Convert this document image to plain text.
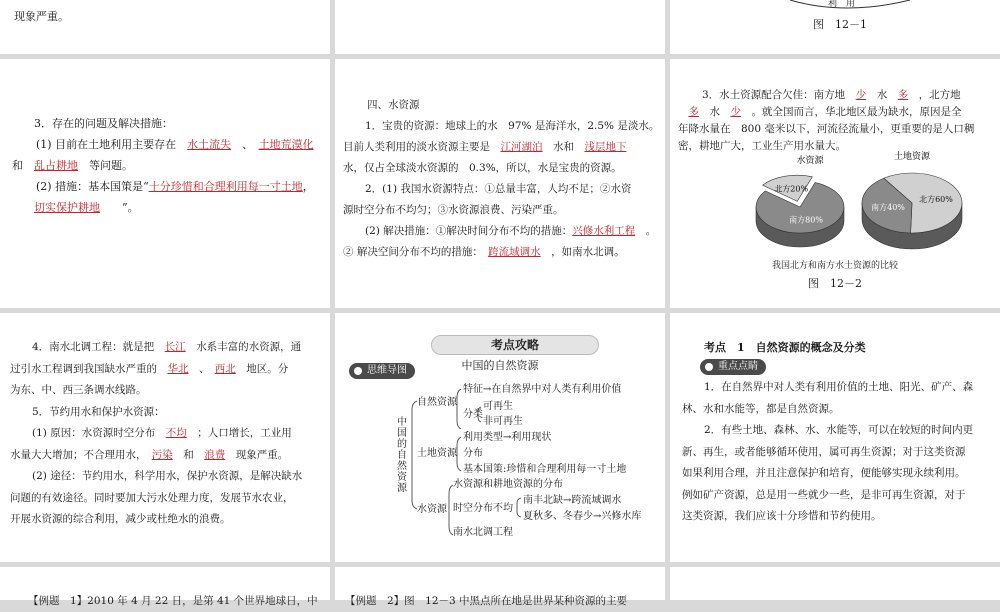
现象严重。
利　用
图　12－1
3．存在的问题及解决措施：
(1) 目前在土地利用主要存在　 水土流失　 、　 土地荒漠化
和　 乱占耕地　 等问题。
(2) 措施：基本国策是“十分珍惜和合理利用每一寸土地，
　　切实保护耕地　　 ”。
四、水资源
1．宝贵的资源：地球上的水　97% 是海洋水，2.5% 是淡水。
目前人类利用的淡水资源主要是　 江河湖泊　 水和　 浅层地下
水，仅占全球淡水资源的　0.3%，所以，水是宝贵的资源。
2．(1) 我国水资源特点：①总量丰富，人均不足；②水资
源时空分布不均匀；③水资源浪费、污染严重。
(2) 解决措施：①解决时间分布不均的措施：兴修水利工程　 。
② 解决空间分布不均的措施：　 跨流域调水　 ，如南水北调。
3．水土资源配合欠佳：南方地　 少　 水　 多　 ，北方地
　多　 水　 少　 。就全国而言，华北地区最为缺水，原因是全
年降水量在　800 毫米以下，河流径流量小，更重要的是人口稠
密，耕地广大，工业生产用水量大。
水资源	土地资源
南方80%
北方20%
北方60%
南方40%
我国北方和南方水土资源的比较
图　12－2
4．南水北调工程：就是把　 长江　 水系丰富的水资源，通
过引水工程调到我国缺水严重的　 华北　 、　 西北　 地区。分
为东、中、西三条调水线路。
5．节约用水和保护水资源：
(1) 原因：水资源时空分布　 不均　 ；人口增长，工业用
水量大大增加；不合理用水，　 污染　 和　 浪费　 现象严重。
(2) 途径：节约用水，科学用水，保护水资源，是解决缺水
问题的有效途径。同时要加大污水处理力度，发展节水农业，
开展水资源的综合利用，减少或杜绝水的浪费。
考点攻略
中国的自然资源
思维导图
中国的自然资源
自然资源
特征→在自然界中对人类有利用价值
分类
可再生
非可再生
土地资源
利用类型→利用现状
分布
基本国策:珍惜和合理利用每一寸土地
水资源
水资源和耕地资源的分布
时空分布不均
南丰北缺→跨流域调水
夏秋多、冬春少→兴修水库
南水北调工程
考点　1　自然资源的概念及分类
重点点睛
1．在自然界中对人类有利用价值的土地、阳光、矿产、森
林、水和水能等，都是自然资源。
2．有些土地、森林、水、水能等，可以在较短的时间内更
新、再生，或者能够循环使用，属可再生资源；对于这类资源
如果利用合理，并且注意保护和培育，便能够实现永续利用。
例如矿产资源，总是用一些就少一些，是非可再生资源，对于
这类资源，我们应该十分珍惜和节约使用。
【例题　1】2010 年 4 月 22 日，是第 41 个世界地球日，中	【例题　2】图　12－3 中黑点所在地是世界某种资源的主要
